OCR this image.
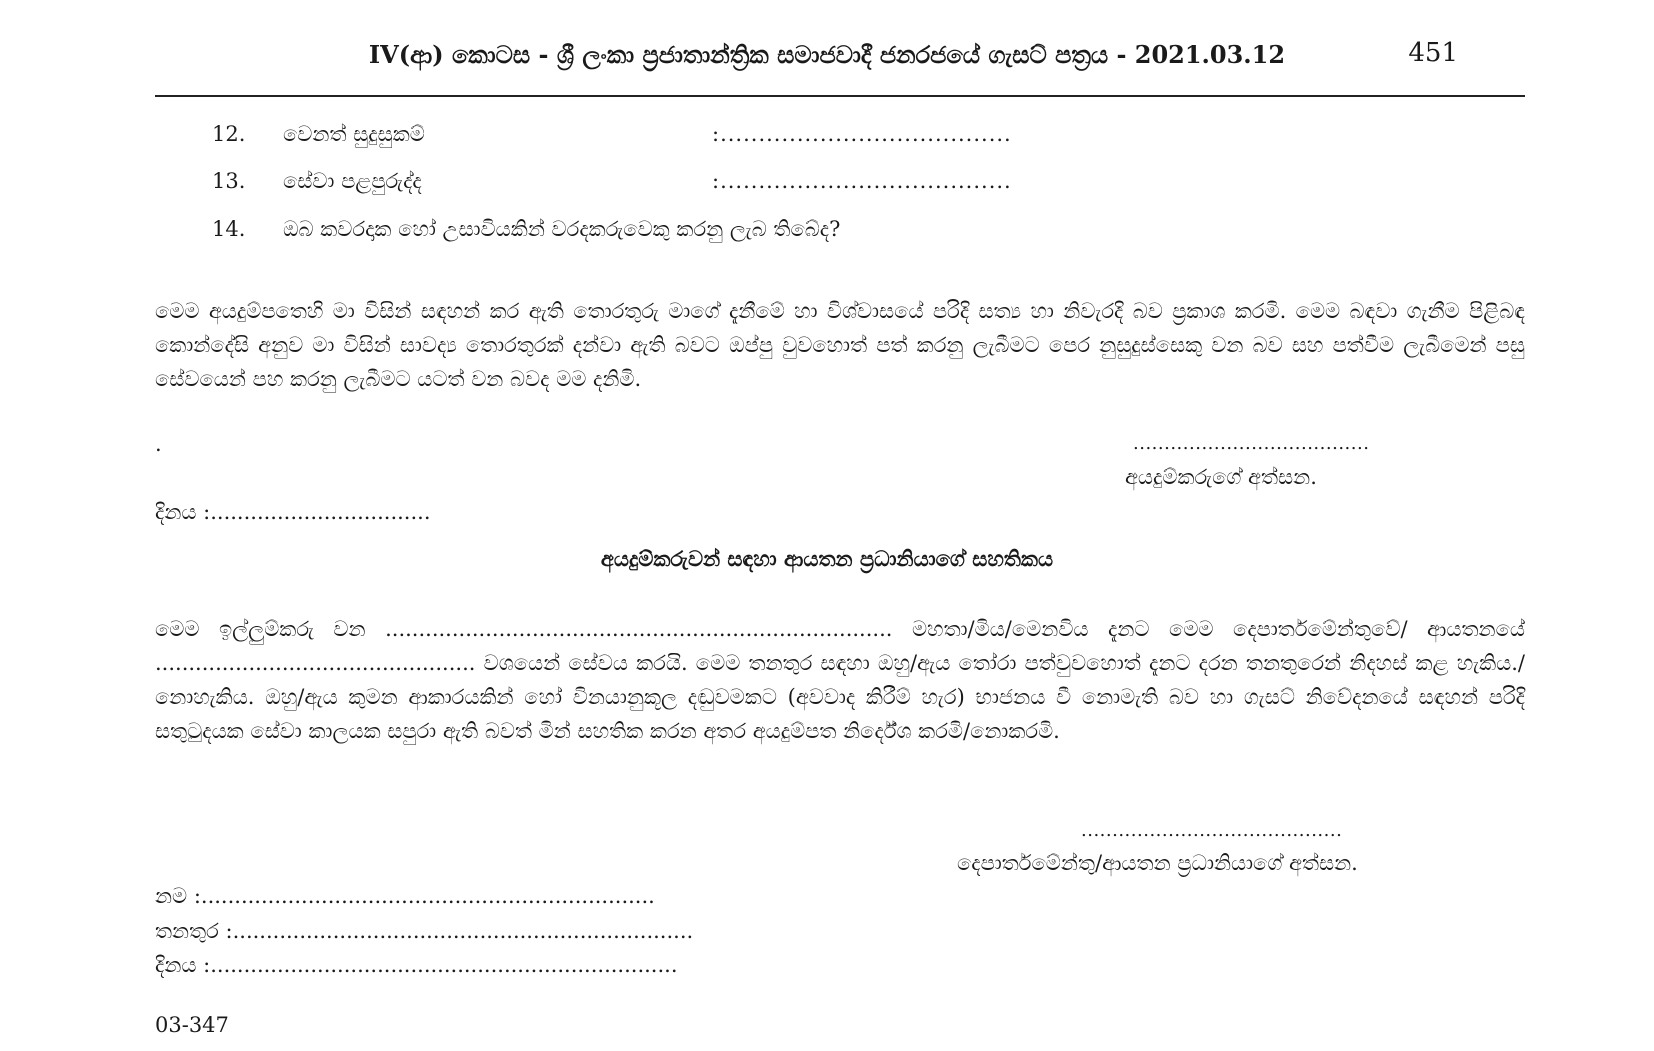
IV(ආ) කොටස - ශ්‍රී ලංකා ප්‍රජාතාන්ත්‍රික සමාජවාදී ජනරජයේ ගැසට් පත්‍රය - 2021.03.12	451
12. වෙනත් සුදුසුකම්	:......................................
13. සේවා පළපුරුද්ද	:......................................
14. ඔබ කවරදාක හෝ උසාවියකින් වරදකරුවෙකු කරනු ලැබ තිබේද?
මෙම අයදුම්පතෙහි මා විසින් සඳහන් කර ඇති තොරතුරු මාගේ දැනීමේ හා විශ්වාසයේ පරිදි සත්‍ය හා නිවැරදි බව ප්‍රකාශ කරමි. මෙම බඳවා ගැනීම පිළිබඳ කොන්දේසි අනුව මා විසින් සාවද්‍ය තොරතුරක් දන්වා ඇති බවට ඔප්පු වුවහොත් පත් කරනු ලැබීමට පෙර නුසුදුස්සෙකු වන බව සහ පත්වීම ලැබීමෙන් පසු සේවයෙන් පහ කරනු ලැබීමට යටත් වන බවද මම දනිමි.
.	......................................
අයදුම්කරුගේ අත්සන.
දිනය :.................................
අයදුම්කරුවන් සඳහා ආයතන ප්‍රධානියාගේ සහතිකය
මෙම ඉල්ලුම්කරු වන ............................................................................ මහතා/මිය/මෙනවිය දැනට මෙම දෙපාර්තමේන්තුවේ/ ආයතනයේ ................................................ වශයෙන් සේවය කරයි. මෙම තනතුර සඳහා ඔහු/ඇය තෝරා පත්වුවහොත් දැනට දරන තනතුරෙන් නිදහස් කළ හැකිය./නොහැකිය. ඔහු/ඇය කුමන ආකාරයකින් හෝ විනයානුකූල දඬුවමකට (අවවාද කිරීම් හැර) භාජනය වී නොමැති බව හා ගැසට් නිවේදනයේ සඳහන් පරිදි සතුටුදයක සේවා කාලයක සපුරා ඇති බවත් මින් සහතික කරන අතර අයදුම්පත නිර්දේශ කරමි/නොකරමි.
..........................................
දෙපාර්තමේන්තු/ආයතන ප්‍රධානියාගේ අත්සන.
නම :....................................................................
තනතුර :.....................................................................
දිනය :......................................................................
03-347
